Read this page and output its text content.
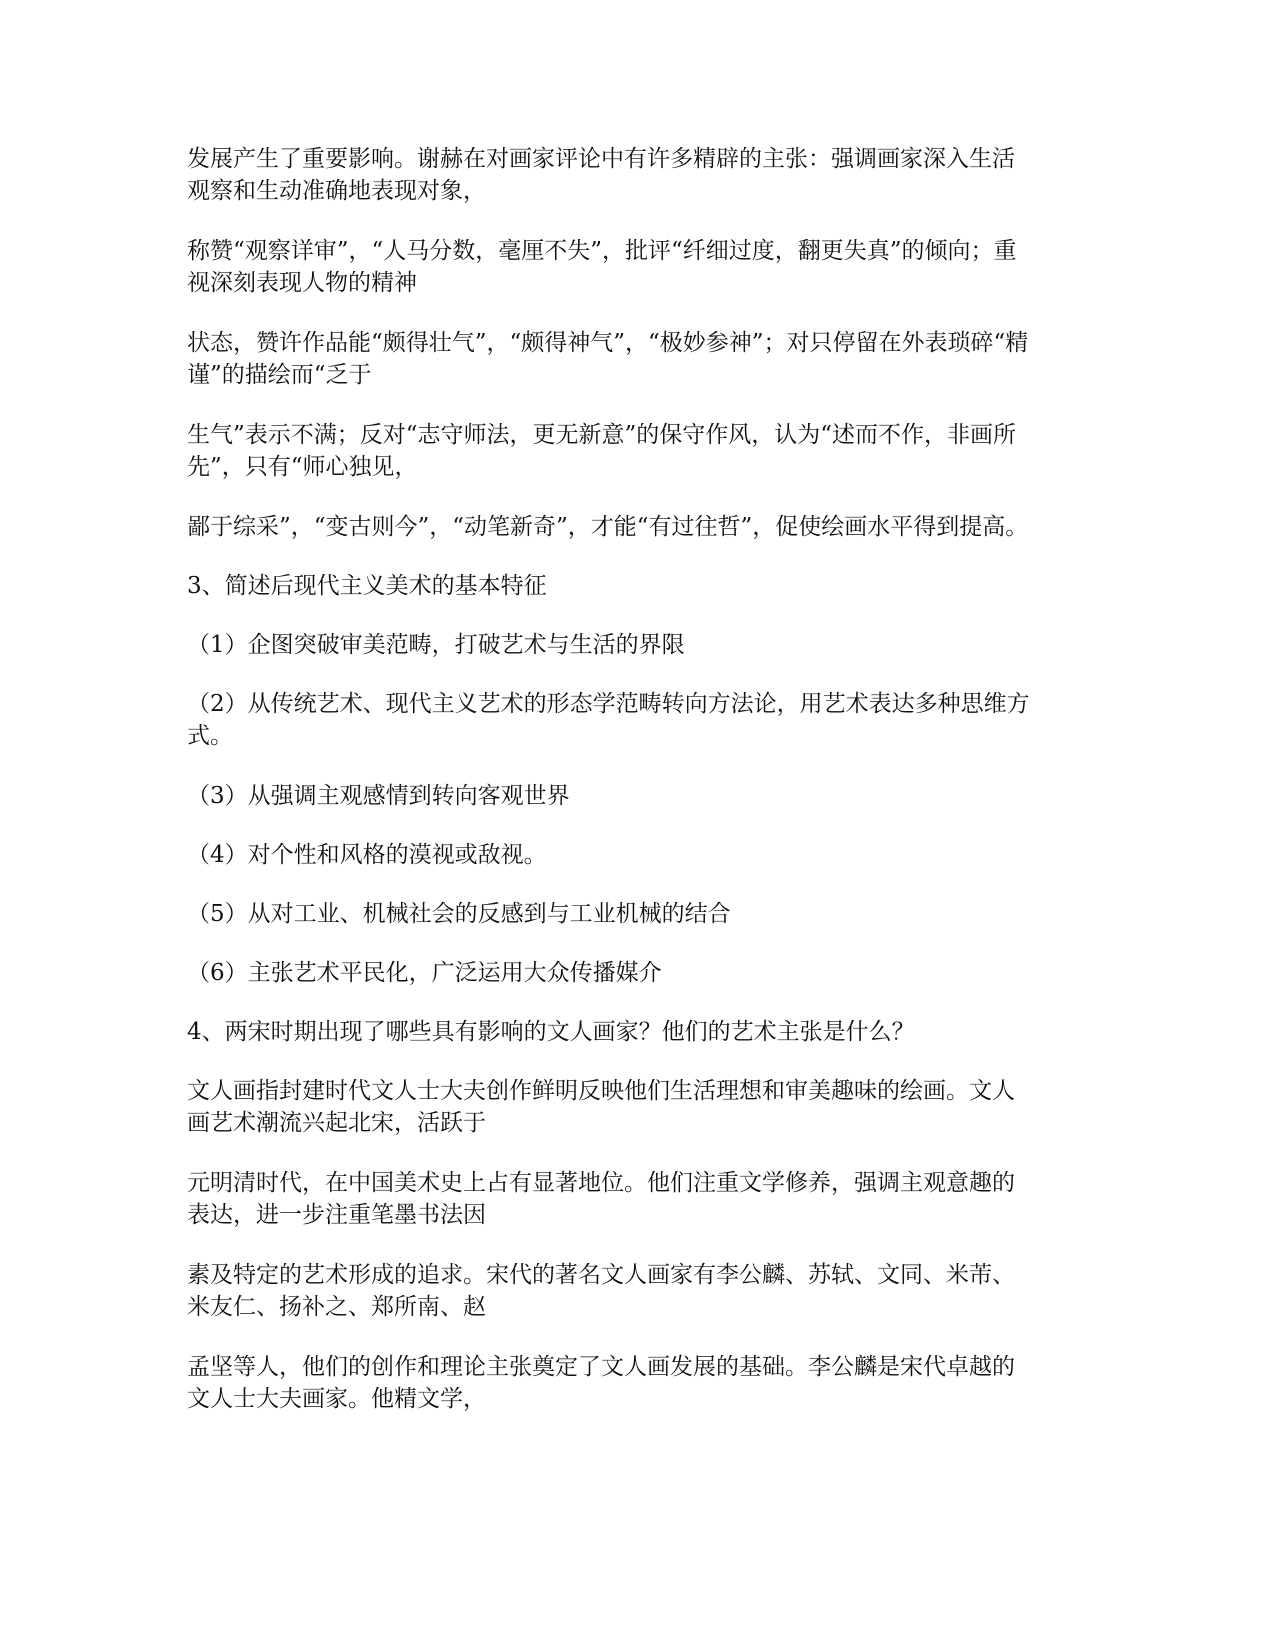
发展产生了重要影响。谢赫在对画家评论中有许多精辟的主张：强调画家深入生活
观察和生动准确地表现对象，

称赞“观察详审”，“人马分数，毫厘不失”，批评“纤细过度，翻更失真”的倾向；重
视深刻表现人物的精神

状态，赞许作品能“颇得壮气”，“颇得神气”，“极妙参神”；对只停留在外表琐碎“精
谨”的描绘而“乏于

生气”表示不满；反对“志守师法，更无新意”的保守作风，认为“述而不作，非画所
先”，只有“师心独见，

鄙于综采”，“变古则今”，“动笔新奇”，才能“有过往哲”，促使绘画水平得到提高。

3、简述后现代主义美术的基本特征

（1）企图突破审美范畴，打破艺术与生活的界限

（2）从传统艺术、现代主义艺术的形态学范畴转向方法论，用艺术表达多种思维方
式。

（3）从强调主观感情到转向客观世界

（4）对个性和风格的漠视或敌视。

（5）从对工业、机械社会的反感到与工业机械的结合

（6）主张艺术平民化，广泛运用大众传播媒介

4、两宋时期出现了哪些具有影响的文人画家？他们的艺术主张是什么？

文人画指封建时代文人士大夫创作鲜明反映他们生活理想和审美趣味的绘画。文人
画艺术潮流兴起北宋，活跃于

元明清时代，在中国美术史上占有显著地位。他们注重文学修养，强调主观意趣的
表达，进一步注重笔墨书法因

素及特定的艺术形成的追求。宋代的著名文人画家有李公麟、苏轼、文同、米芾、
米友仁、扬补之、郑所南、赵

孟坚等人，他们的创作和理论主张奠定了文人画发展的基础。李公麟是宋代卓越的
文人士大夫画家。他精文学，
